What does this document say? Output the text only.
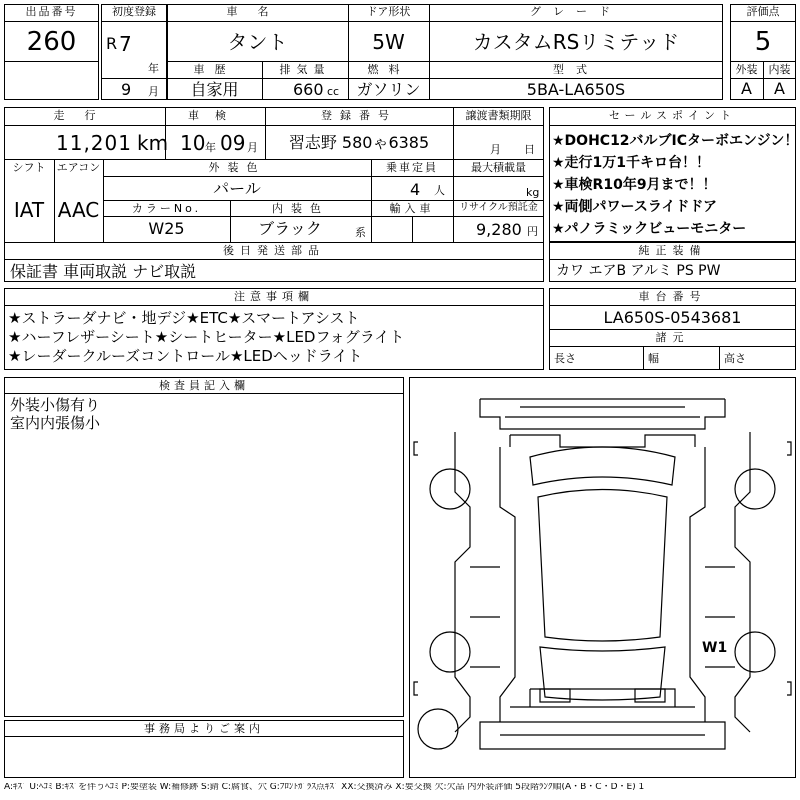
出品番号
260
初度登録
R 7
年
9 月
車名
タント
ドア形状
5W
グレード
カスタムRSリミテッド
車歴
自家用
排気量
660 cc
燃料
ガソリン
型式
5BA-LA650S
評価点
5
外装	内装
A	A
走行
11,201 km
車検
10 年 09 月
登録番号
習志野 580ゃ6385
譲渡書類期限
月 日
シフト
IAT
エアコン
AAC
外装色
パール
乗車定員
4 人
最大積載量
kg
カラーNo.
W25
内装色
ブラック	系
輸入車	リサイクル預託金
9,280 円
後日発送部品
保証書 車両取説 ナビ取説
セールスポイント
★DOHC12バルブICターボエンジン！
★走行1万1千キロ台！！
★車検R10年9月まで！！
★両側パワースライドドア
★パノラミックビューモニター
純正装備
カワ エアB アルミ PS PW
注意事項欄
★ストラーダナビ・地デジ★ETC★スマートアシスト
★ハーフレザーシート★シートヒーター★LEDフォグライト
★レーダークルーズコントロール★LEDヘッドライト
車台番号
LA650S-0543681
諸元
長さ	幅	高さ
検査員記入欄
外装小傷有り
室内内張傷小
事務局よりご案内
W1
A:ｷｽﾞ U:ﾍｺﾐ B:ｷｽﾞを伴うﾍｺﾐ P:要塗装 W:補修跡 S:錆 C:腐食、穴 G:ﾌﾛﾝﾄｶﾞﾗｽ点ｷｽﾞ XX:交換済み X:要交換 欠:欠品 内外装評価 5段階ﾗﾝｸ順(A・B・C・D・E) 1
